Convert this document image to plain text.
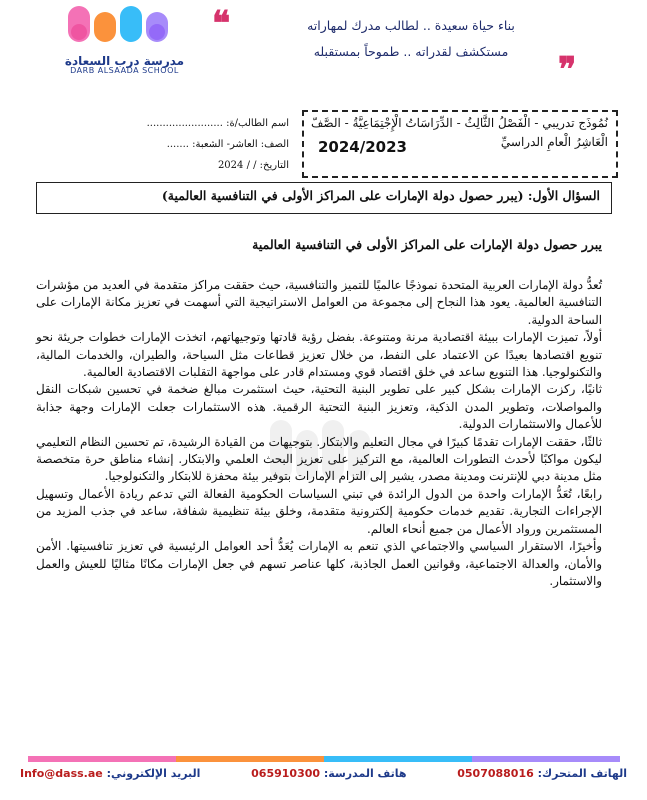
مدرسة درب السعادة
DARB ALSAADA SCHOOL
❝	بناء حياة سعيدة .. لطالب مدرك لمهاراته
مستكشف لقدراته .. طموحاً بمستقبله	❞
نُمُوذَج تدريبي - الْفَصْلُ الثَّالِثُ - الدِّرَاسَاتُ الْإِجْتِمَاعِيَّةُ - الصَّفّ الْعَاشِرُ الْعامِ الدراسيِّ
2024/2023
اسم الطالب/ة: ........................
الصف: العاشر- الشعبة: .......
التاريخ: / / 2024
السؤال الأول: (يبرر حصول دولة الإمارات على المراكز الأولى في التنافسية العالمية)
يبرر حصول دولة الإمارات على المراكز الأولى في التنافسية العالمية

تُعدُّ دولة الإمارات العربية المتحدة نموذجًا عالميًا للتميز والتنافسية، حيث حققت مراكز متقدمة في العديد من مؤشرات التنافسية العالمية. يعود هذا النجاح إلى مجموعة من العوامل الاستراتيجية التي أسهمت في تعزيز مكانة الإمارات على الساحة الدولية.

أولاً، تميزت الإمارات ببيئة اقتصادية مرنة ومتنوعة. بفضل رؤية قادتها وتوجيهاتهم، اتخذت الإمارات خطوات جريئة نحو تنويع اقتصادها بعيدًا عن الاعتماد على النفط، من خلال تعزيز قطاعات مثل السياحة، والطيران، والخدمات المالية، والتكنولوجيا. هذا التنويع ساعد في خلق اقتصاد قوي ومستدام قادر على مواجهة التقلبات الاقتصادية العالمية.

ثانيًا، ركزت الإمارات بشكل كبير على تطوير البنية التحتية، حيث استثمرت مبالغ ضخمة في تحسين شبكات النقل والمواصلات، وتطوير المدن الذكية، وتعزيز البنية التحتية الرقمية. هذه الاستثمارات جعلت الإمارات وجهة جذابة للأعمال والاستثمارات الدولية.

ثالثًا، حققت الإمارات تقدمًا كبيرًا في مجال التعليم والابتكار. بتوجيهات من القيادة الرشيدة، تم تحسين النظام التعليمي ليكون مواكبًا لأحدث التطورات العالمية، مع التركيز على تعزيز البحث العلمي والابتكار. إنشاء مناطق حرة متخصصة مثل مدينة دبي للإنترنت ومدينة مصدر، يشير إلى التزام الإمارات بتوفير بيئة محفزة للابتكار والتكنولوجيا.

رابعًا، تُعَدُّ الإمارات واحدة من الدول الرائدة في تبني السياسات الحكومية الفعالة التي تدعم ريادة الأعمال وتسهيل الإجراءات التجارية. تقديم خدمات حكومية إلكترونية متقدمة، وخلق بيئة تنظيمية شفافة، ساعد في جذب المزيد من المستثمرين ورواد الأعمال من جميع أنحاء العالم.

وأخيرًا، الاستقرار السياسي والاجتماعي الذي تنعم به الإمارات يُعَدُّ أحد العوامل الرئيسية في تعزيز تنافسيتها. الأمن والأمان، والعدالة الاجتماعية، وقوانين العمل الجاذبة، كلها عناصر تسهم في جعل الإمارات مكانًا مثاليًا للعيش والعمل والاستثمار.

الهاتف المتحرك: 0507088016
هاتف المدرسة: 065910300
البريد الإلكتروني: Info@dass.ae
